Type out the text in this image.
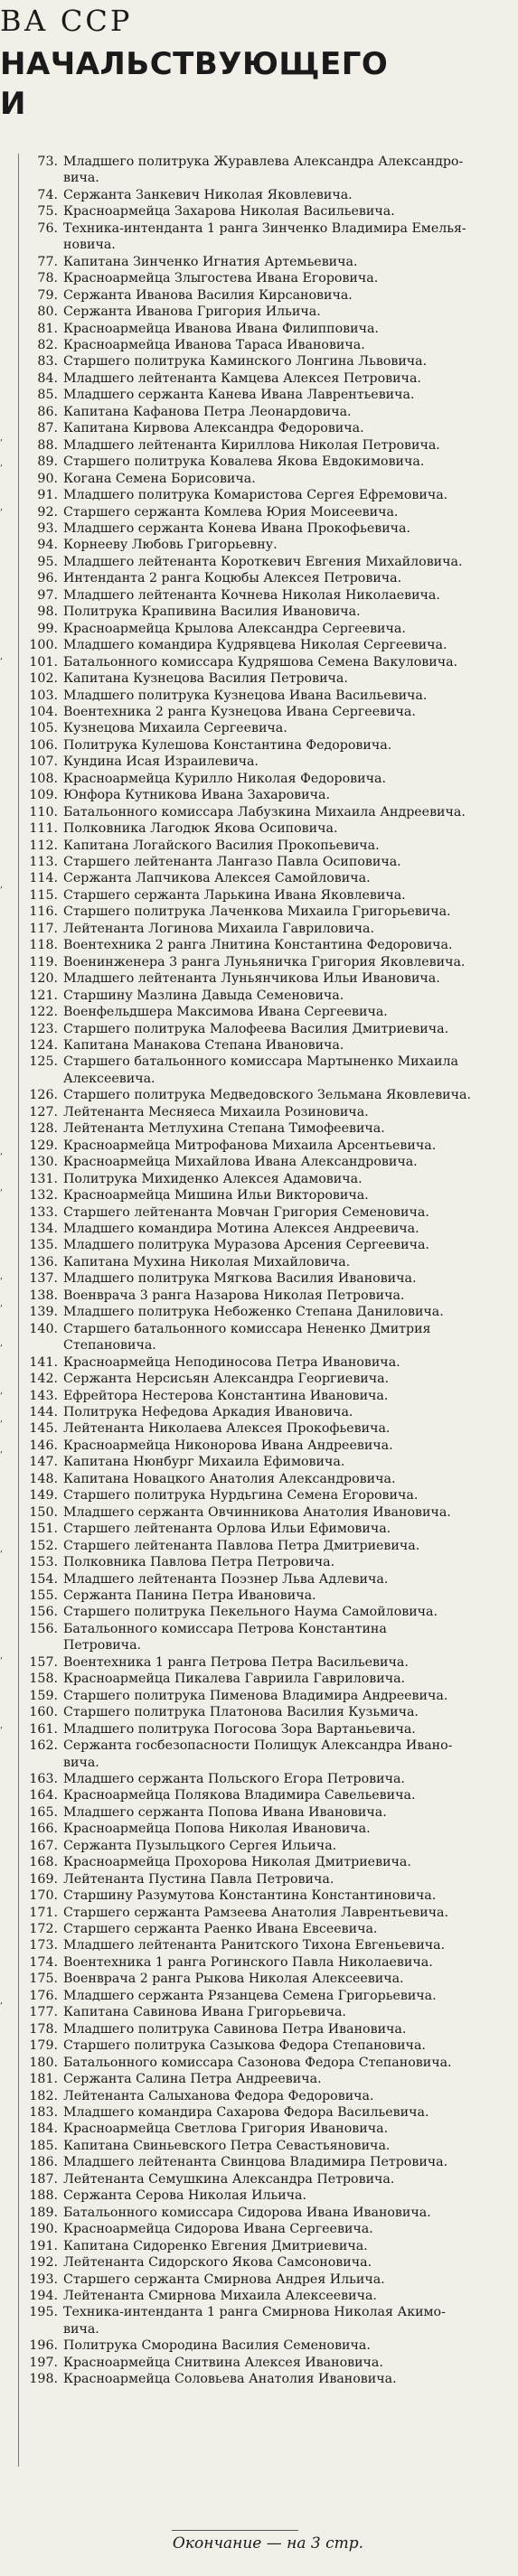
ВА ССР
НАЧАЛЬСТВУЮЩЕГО
И
,
,
,
,
,
,
,
,
,
,
,
,
,
,
,
,
,
73. Младшего политрука Журавлева Александра Александро-
вича.
74. Сержанта Занкевич Николая Яковлевича.
75. Красноармейца Захарова Николая Васильевича.
76. Техника-интенданта 1 ранга Зинченко Владимира Емелья-
новича.
77. Капитана Зинченко Игнатия Артемьевича.
78. Красноармейца Злыгостева Ивана Егоровича.
79. Сержанта Иванова Василия Кирсановича.
80. Сержанта Иванова Григория Ильича.
81. Красноармейца Иванова Ивана Филипповича.
82. Красноармейца Иванова Тараса Ивановича.
83. Старшего политрука Каминского Лонгина Львовича.
84. Младшего лейтенанта Камцева Алексея Петровича.
85. Младшего сержанта Канева Ивана Лаврентьевича.
86. Капитана Кафанова Петра Леонардовича.
87. Капитана Кирвова Александра Федоровича.
88. Младшего лейтенанта Кириллова Николая Петровича.
89. Старшего политрука Ковалева Якова Евдокимовича.
90. Когана Семена Борисовича.
91. Младшего политрука Комаристова Сергея Ефремовича.
92. Старшего сержанта Комлева Юрия Моисеевича.
93. Младшего сержанта Конева Ивана Прокофьевича.
94. Корнееву Любовь Григорьевну.
95. Младшего лейтенанта Короткевич Евгения Михайловича.
96. Интенданта 2 ранга Коцюбы Алексея Петровича.
97. Младшего лейтенанта Кочнева Николая Николаевича.
98. Политрука Крапивина Василия Ивановича.
99. Красноармейца Крылова Александра Сергеевича.
100. Младшего командира Кудрявцева Николая Сергеевича.
101. Батальонного комиссара Кудряшова Семена Вакуловича.
102. Капитана Кузнецова Василия Петровича.
103. Младшего политрука Кузнецова Ивана Васильевича.
104. Воентехника 2 ранга Кузнецова Ивана Сергеевича.
105. Кузнецова Михаила Сергеевича.
106. Политрука Кулешова Константина Федоровича.
107. Кундина Исая Израилевича.
108. Красноармейца Курилло Николая Федоровича.
109. Юнфора Кутникова Ивана Захаровича.
110. Батальонного комиссара Лабузкина Михаила Андреевича.
111. Полковника Лагодюк Якова Осиповича.
112. Капитана Логайского Василия Прокопьевича.
113. Старшего лейтенанта Лангазо Павла Осиповича.
114. Сержанта Лапчикова Алексея Самойловича.
115. Старшего сержанта Ларькина Ивана Яковлевича.
116. Старшего политрука Лаченкова Михаила Григорьевича.
117. Лейтенанта Логинова Михаила Гавриловича.
118. Воентехника 2 ранга Лнитина Константина Федоровича.
119. Военинженера 3 ранга Луньяничка Григория Яковлевича.
120. Младшего лейтенанта Луньянчикова Ильи Ивановича.
121. Старшину Мазлина Давыда Семеновича.
122. Военфельдшера Максимова Ивана Сергеевича.
123. Старшего политрука Малофеева Василия Дмитриевича.
124. Капитана Манакова Степана Ивановича.
125. Старшего батальонного комиссара Мартыненко Михаила
Алексеевича.
126. Старшего политрука Медведовского Зельмана Яковлевича.
127. Лейтенанта Месняеса Михаила Розиновича.
128. Лейтенанта Метлухина Степана Тимофеевича.
129. Красноармейца Митрофанова Михаила Арсентьевича.
130. Красноармейца Михайлова Ивана Александровича.
131. Политрука Михиденко Алексея Адамовича.
132. Красноармейца Мишина Ильи Викторовича.
133. Старшего лейтенанта Мовчан Григория Семеновича.
134. Младшего командира Мотина Алексея Андреевича.
135. Младшего политрука Муразова Арсения Сергеевича.
136. Капитана Мухина Николая Михайловича.
137. Младшего политрука Мягкова Василия Ивановича.
138. Военврача 3 ранга Назарова Николая Петровича.
139. Младшего политрука Небоженко Степана Даниловича.
140. Старшего батальонного комиссара Нененко Дмитрия
Степановича.
141. Красноармейца Неподиносова Петра Ивановича.
142. Сержанта Нерсисьян Александра Георгиевича.
143. Ефрейтора Нестерова Константина Ивановича.
144. Политрука Нефедова Аркадия Ивановича.
145. Лейтенанта Николаева Алексея Прокофьевича.
146. Красноармейца Никонорова Ивана Андреевича.
147. Капитана Нюнбург Михаила Ефимовича.
148. Капитана Новацкого Анатолия Александровича.
149. Старшего политрука Нурдьгина Семена Егоровича.
150. Младшего сержанта Овчинникова Анатолия Ивановича.
151. Старшего лейтенанта Орлова Ильи Ефимовича.
152. Старшего лейтенанта Павлова Петра Дмитриевича.
153. Полковника Павлова Петра Петровича.
154. Младшего лейтенанта Поэзнер Льва Адлевича.
155. Сержанта Панина Петра Ивановича.
156. Старшего политрука Пекельного Наума Самойловича.
156. Батальонного комиссара Петрова Константина
Петровича.
157. Воентехника 1 ранга Петрова Петра Васильевича.
158. Красноармейца Пикалева Гавриила Гавриловича.
159. Старшего политрука Пименова Владимира Андреевича.
160. Старшего политрука Платонова Василия Кузьмича.
161. Младшего политрука Погосова Зора Вартаньевича.
162. Сержанта госбезопасности Полищук Александра Ивано-
вича.
163. Младшего сержанта Польского Егора Петровича.
164. Красноармейца Полякова Владимира Савельевича.
165. Младшего сержанта Попова Ивана Ивановича.
166. Красноармейца Попова Николая Ивановича.
167. Сержанта Пузыльцкого Сергея Ильича.
168. Красноармейца Прохорова Николая Дмитриевича.
169. Лейтенанта Пустина Павла Петровича.
170. Старшину Разумутова Константина Константиновича.
171. Старшего сержанта Рамзеева Анатолия Лаврентьевича.
172. Старшего сержанта Раенко Ивана Евсеевича.
173. Младшего лейтенанта Ранитского Тихона Евгеньевича.
174. Воентехника 1 ранга Рогинского Павла Николаевича.
175. Военврача 2 ранга Рыкова Николая Алексеевича.
176. Младшего сержанта Рязанцева Семена Григорьевича.
177. Капитана Савинова Ивана Григорьевича.
178. Младшего политрука Савинова Петра Ивановича.
179. Старшего политрука Сазыкова Федора Степановича.
180. Батальонного комиссара Сазонова Федора Степановича.
181. Сержанта Салина Петра Андреевича.
182. Лейтенанта Салыханова Федора Федоровича.
183. Младшего командира Сахарова Федора Васильевича.
184. Красноармейца Светлова Григория Ивановича.
185. Капитана Свиньевского Петра Севастьяновича.
186. Младшего лейтенанта Свинцова Владимира Петровича.
187. Лейтенанта Семушкина Александра Петровича.
188. Сержанта Серова Николая Ильича.
189. Батальонного комиссара Сидорова Ивана Ивановича.
190. Красноармейца Сидорова Ивана Сергеевича.
191. Капитана Сидоренко Евгения Дмитриевича.
192. Лейтенанта Сидорского Якова Самсоновича.
193. Старшего сержанта Смирнова Андрея Ильича.
194. Лейтенанта Смирнова Михаила Алексеевича.
195. Техника-интенданта 1 ранга Смирнова Николая Акимо-
вича.
196. Политрука Смородина Василия Семеновича.
197. Красноармейца Снитвина Алексея Ивановича.
198. Красноармейца Соловьева Анатолия Ивановича.
Окончание — на 3 стр.
